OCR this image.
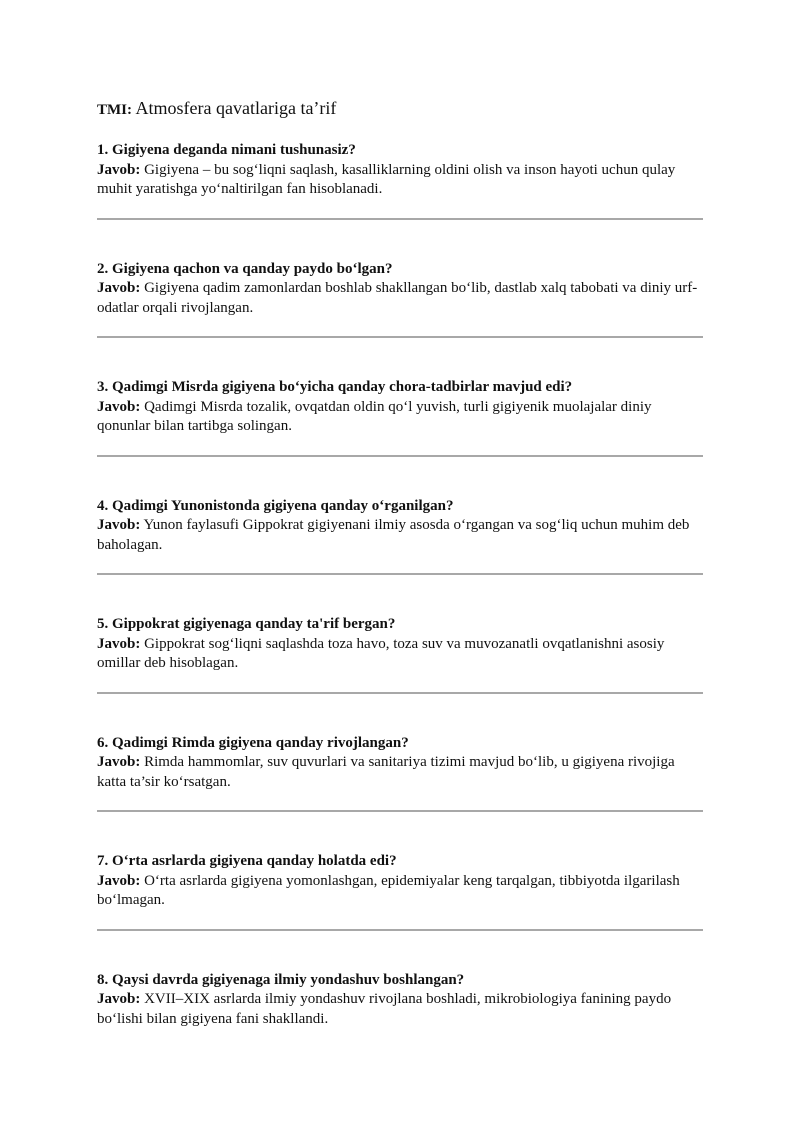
TMI: Atmosfera qavatlariga ta’rif

1. Gigiyena deganda nimani tushunasiz?

Javob: Gigiyena – bu sog‘liqni saqlash, kasalliklarning oldini olish va inson hayoti uchun qulay muhit yaratishga yo‘naltirilgan fan hisoblanadi.

2. Gigiyena qachon va qanday paydo bo‘lgan?

Javob: Gigiyena qadim zamonlardan boshlab shakllangan bo‘lib, dastlab xalq tabobati va diniy urf-odatlar orqali rivojlangan.

3. Qadimgi Misrda gigiyena bo‘yicha qanday chora-tadbirlar mavjud edi?

Javob: Qadimgi Misrda tozalik, ovqatdan oldin qo‘l yuvish, turli gigiyenik muolajalar diniy qonunlar bilan tartibga solingan.

4. Qadimgi Yunonistonda gigiyena qanday o‘rganilgan?

Javob: Yunon faylasufi Gippokrat gigiyenani ilmiy asosda o‘rgangan va sog‘liq uchun muhim deb baholagan.

5. Gippokrat gigiyenaga qanday ta'rif bergan?

Javob: Gippokrat sog‘liqni saqlashda toza havo, toza suv va muvozanatli ovqatlanishni asosiy omillar deb hisoblagan.

6. Qadimgi Rimda gigiyena qanday rivojlangan?

Javob: Rimda hammomlar, suv quvurlari va sanitariya tizimi mavjud bo‘lib, u gigiyena rivojiga katta ta’sir ko‘rsatgan.

7. O‘rta asrlarda gigiyena qanday holatda edi?

Javob: O‘rta asrlarda gigiyena yomonlashgan, epidemiyalar keng tarqalgan, tibbiyotda ilgarilash bo‘lmagan.

8. Qaysi davrda gigiyenaga ilmiy yondashuv boshlangan?

Javob: XVII–XIX asrlarda ilmiy yondashuv rivojlana boshladi, mikrobiologiya fanining paydo bo‘lishi bilan gigiyena fani shakllandi.
